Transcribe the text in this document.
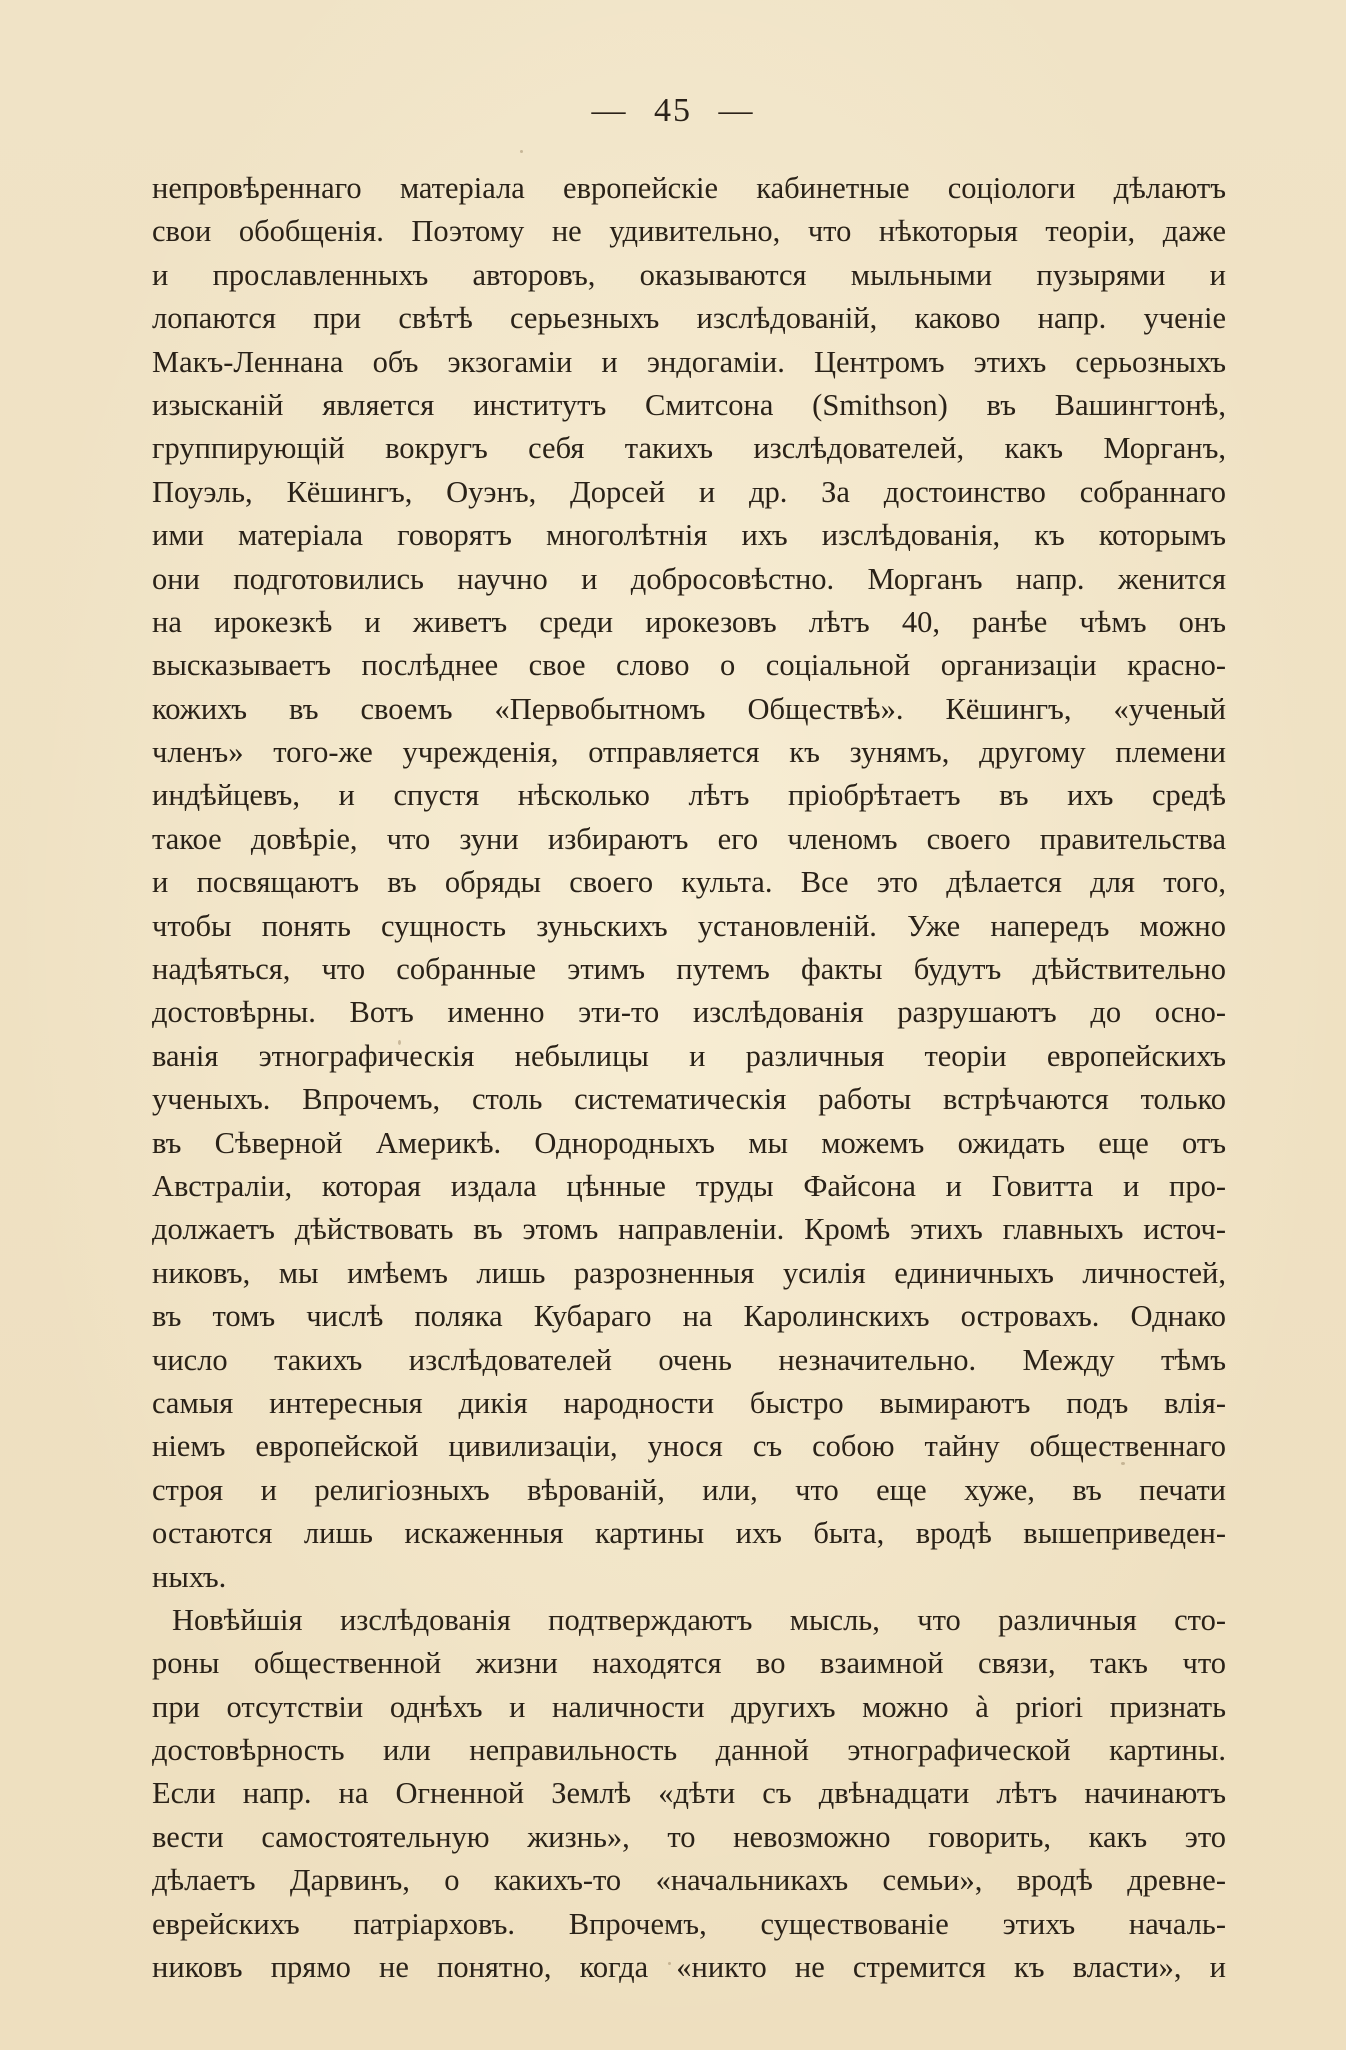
— 45 —
непровѣреннаго матеріала европейскіе кабинетные соціологи дѣлаютъ
свои обобщенія. Поэтому не удивительно, что нѣкоторыя теоріи, даже
и прославленныхъ авторовъ, оказываются мыльными пузырями и
лопаются при свѣтѣ серьезныхъ изслѣдованій, каково напр. ученіе
Макъ-Леннана объ экзогаміи и эндогаміи. Центромъ этихъ серьозныхъ
изысканій является институтъ Смитсона (Smithson) въ Вашингтонѣ,
группирующій вокругъ себя такихъ изслѣдователей, какъ Морганъ,
Поуэль, Кёшингъ, Оуэнъ, Дорсей и др. За достоинство собраннаго
ими матеріала говорятъ многолѣтнія ихъ изслѣдованія, къ которымъ
они подготовились научно и добросовѣстно. Морганъ напр. женится
на ирокезкѣ и живетъ среди ирокезовъ лѣтъ 40, ранѣе чѣмъ онъ
высказываетъ послѣднее свое слово о соціальной организаціи красно-
кожихъ въ своемъ «Первобытномъ Обществѣ». Кёшингъ, «ученый
членъ» того-же учрежденія, отправляется къ зунямъ, другому племени
индѣйцевъ, и спустя нѣсколько лѣтъ пріобрѣтаетъ въ ихъ средѣ
такое довѣріе, что зуни избираютъ его членомъ своего правительства
и посвящаютъ въ обряды своего культа. Все это дѣлается для того,
чтобы понять сущность зуньскихъ установленій. Уже напередъ можно
надѣяться, что собранные этимъ путемъ факты будутъ дѣйствительно
достовѣрны. Вотъ именно эти-то изслѣдованія разрушаютъ до осно-
ванія этнографическія небылицы и различныя теоріи европейскихъ
ученыхъ. Впрочемъ, столь систематическія работы встрѣчаются только
въ Сѣверной Америкѣ. Однородныхъ мы можемъ ожидать еще отъ
Австраліи, которая издала цѣнные труды Файсона и Говитта и про-
должаетъ дѣйствовать въ этомъ направленіи. Кромѣ этихъ главныхъ источ-
никовъ, мы имѣемъ лишь разрозненныя усилія единичныхъ личностей,
въ томъ числѣ поляка Кубараго на Каролинскихъ островахъ. Однако
число такихъ изслѣдователей очень незначительно. Между тѣмъ
самыя интересныя дикія народности быстро вымираютъ подъ влія-
ніемъ европейской цивилизаціи, унося съ собою тайну общественнаго
строя и религіозныхъ вѣрованій, или, что еще хуже, въ печати
остаются лишь искаженныя картины ихъ быта, вродѣ вышеприведен-
ныхъ.
Новѣйшія изслѣдованія подтверждаютъ мысль, что различныя сто-
роны общественной жизни находятся во взаимной связи, такъ что
при отсутствіи однѣхъ и наличности другихъ можно à priori признать
достовѣрность или неправильность данной этнографической картины.
Если напр. на Огненной Землѣ «дѣти съ двѣнадцати лѣтъ начинаютъ
вести самостоятельную жизнь», то невозможно говорить, какъ это
дѣлаетъ Дарвинъ, о какихъ-то «начальникахъ семьи», вродѣ древне-
еврейскихъ патріарховъ. Впрочемъ, существованіе этихъ началь-
никовъ прямо не понятно, когда «никто не стремится къ власти», и
